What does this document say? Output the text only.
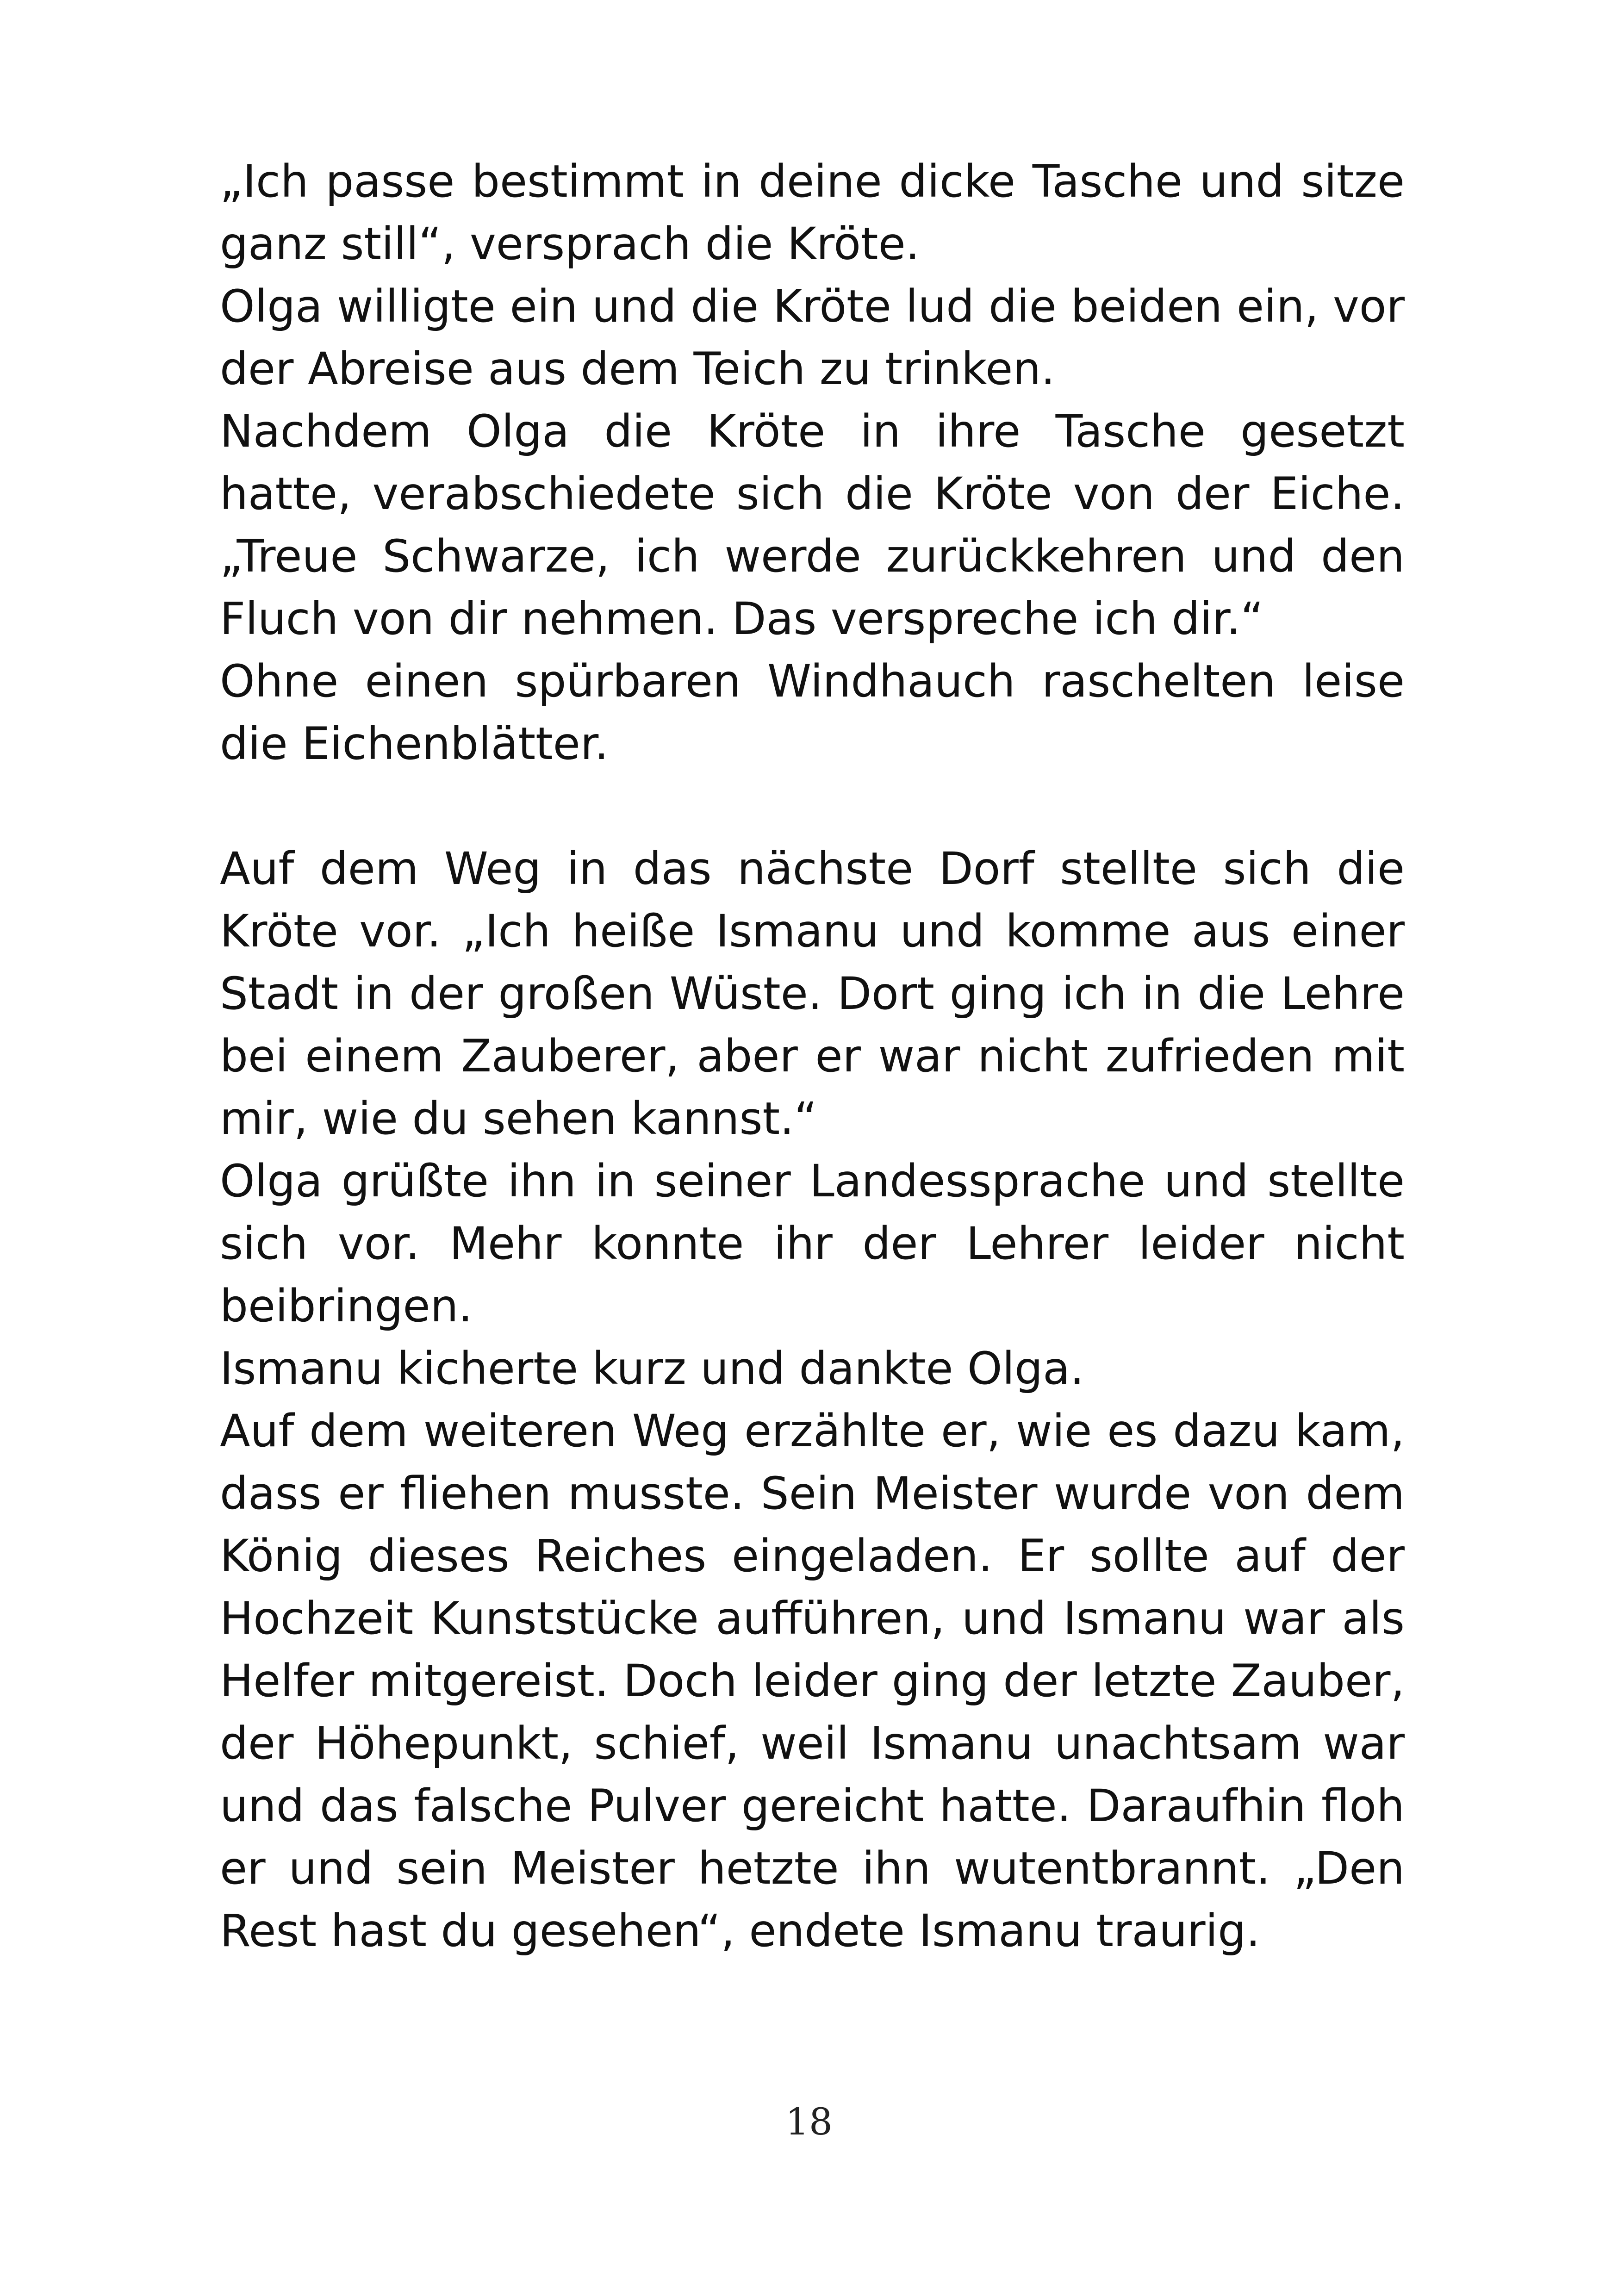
„Ich passe bestimmt in deine dicke Tasche und sitze ganz still“, versprach die Kröte.

Olga willigte ein und die Kröte lud die beiden ein, vor der Abreise aus dem Teich zu trinken.

Nachdem Olga die Kröte in ihre Tasche gesetzt hatte, verabschiedete sich die Kröte von der Eiche. „Treue Schwarze, ich werde zurückkehren und den Fluch von dir nehmen. Das verspreche ich dir.“

Ohne einen spürbaren Windhauch raschelten leise die Eichenblätter.

Auf dem Weg in das nächste Dorf stellte sich die Kröte vor. „Ich heiße Ismanu und komme aus einer Stadt in der großen Wüste. Dort ging ich in die Lehre bei einem Zauberer, aber er war nicht zufrieden mit mir, wie du sehen kannst.“

Olga grüßte ihn in seiner Landessprache und stellte sich vor. Mehr konnte ihr der Lehrer leider nicht beibringen.

Ismanu kicherte kurz und dankte Olga.

Auf dem weiteren Weg erzählte er, wie es dazu kam, dass er fliehen musste. Sein Meister wurde von dem König dieses Reiches eingeladen. Er sollte auf der Hochzeit Kunststücke aufführen, und Ismanu war als Helfer mitgereist. Doch leider ging der letzte Zauber, der Höhepunkt, schief, weil Ismanu unachtsam war und das falsche Pulver gereicht hatte. Daraufhin floh er und sein Meister hetzte ihn wutentbrannt. „Den Rest hast du gesehen“, endete Ismanu traurig.

18
